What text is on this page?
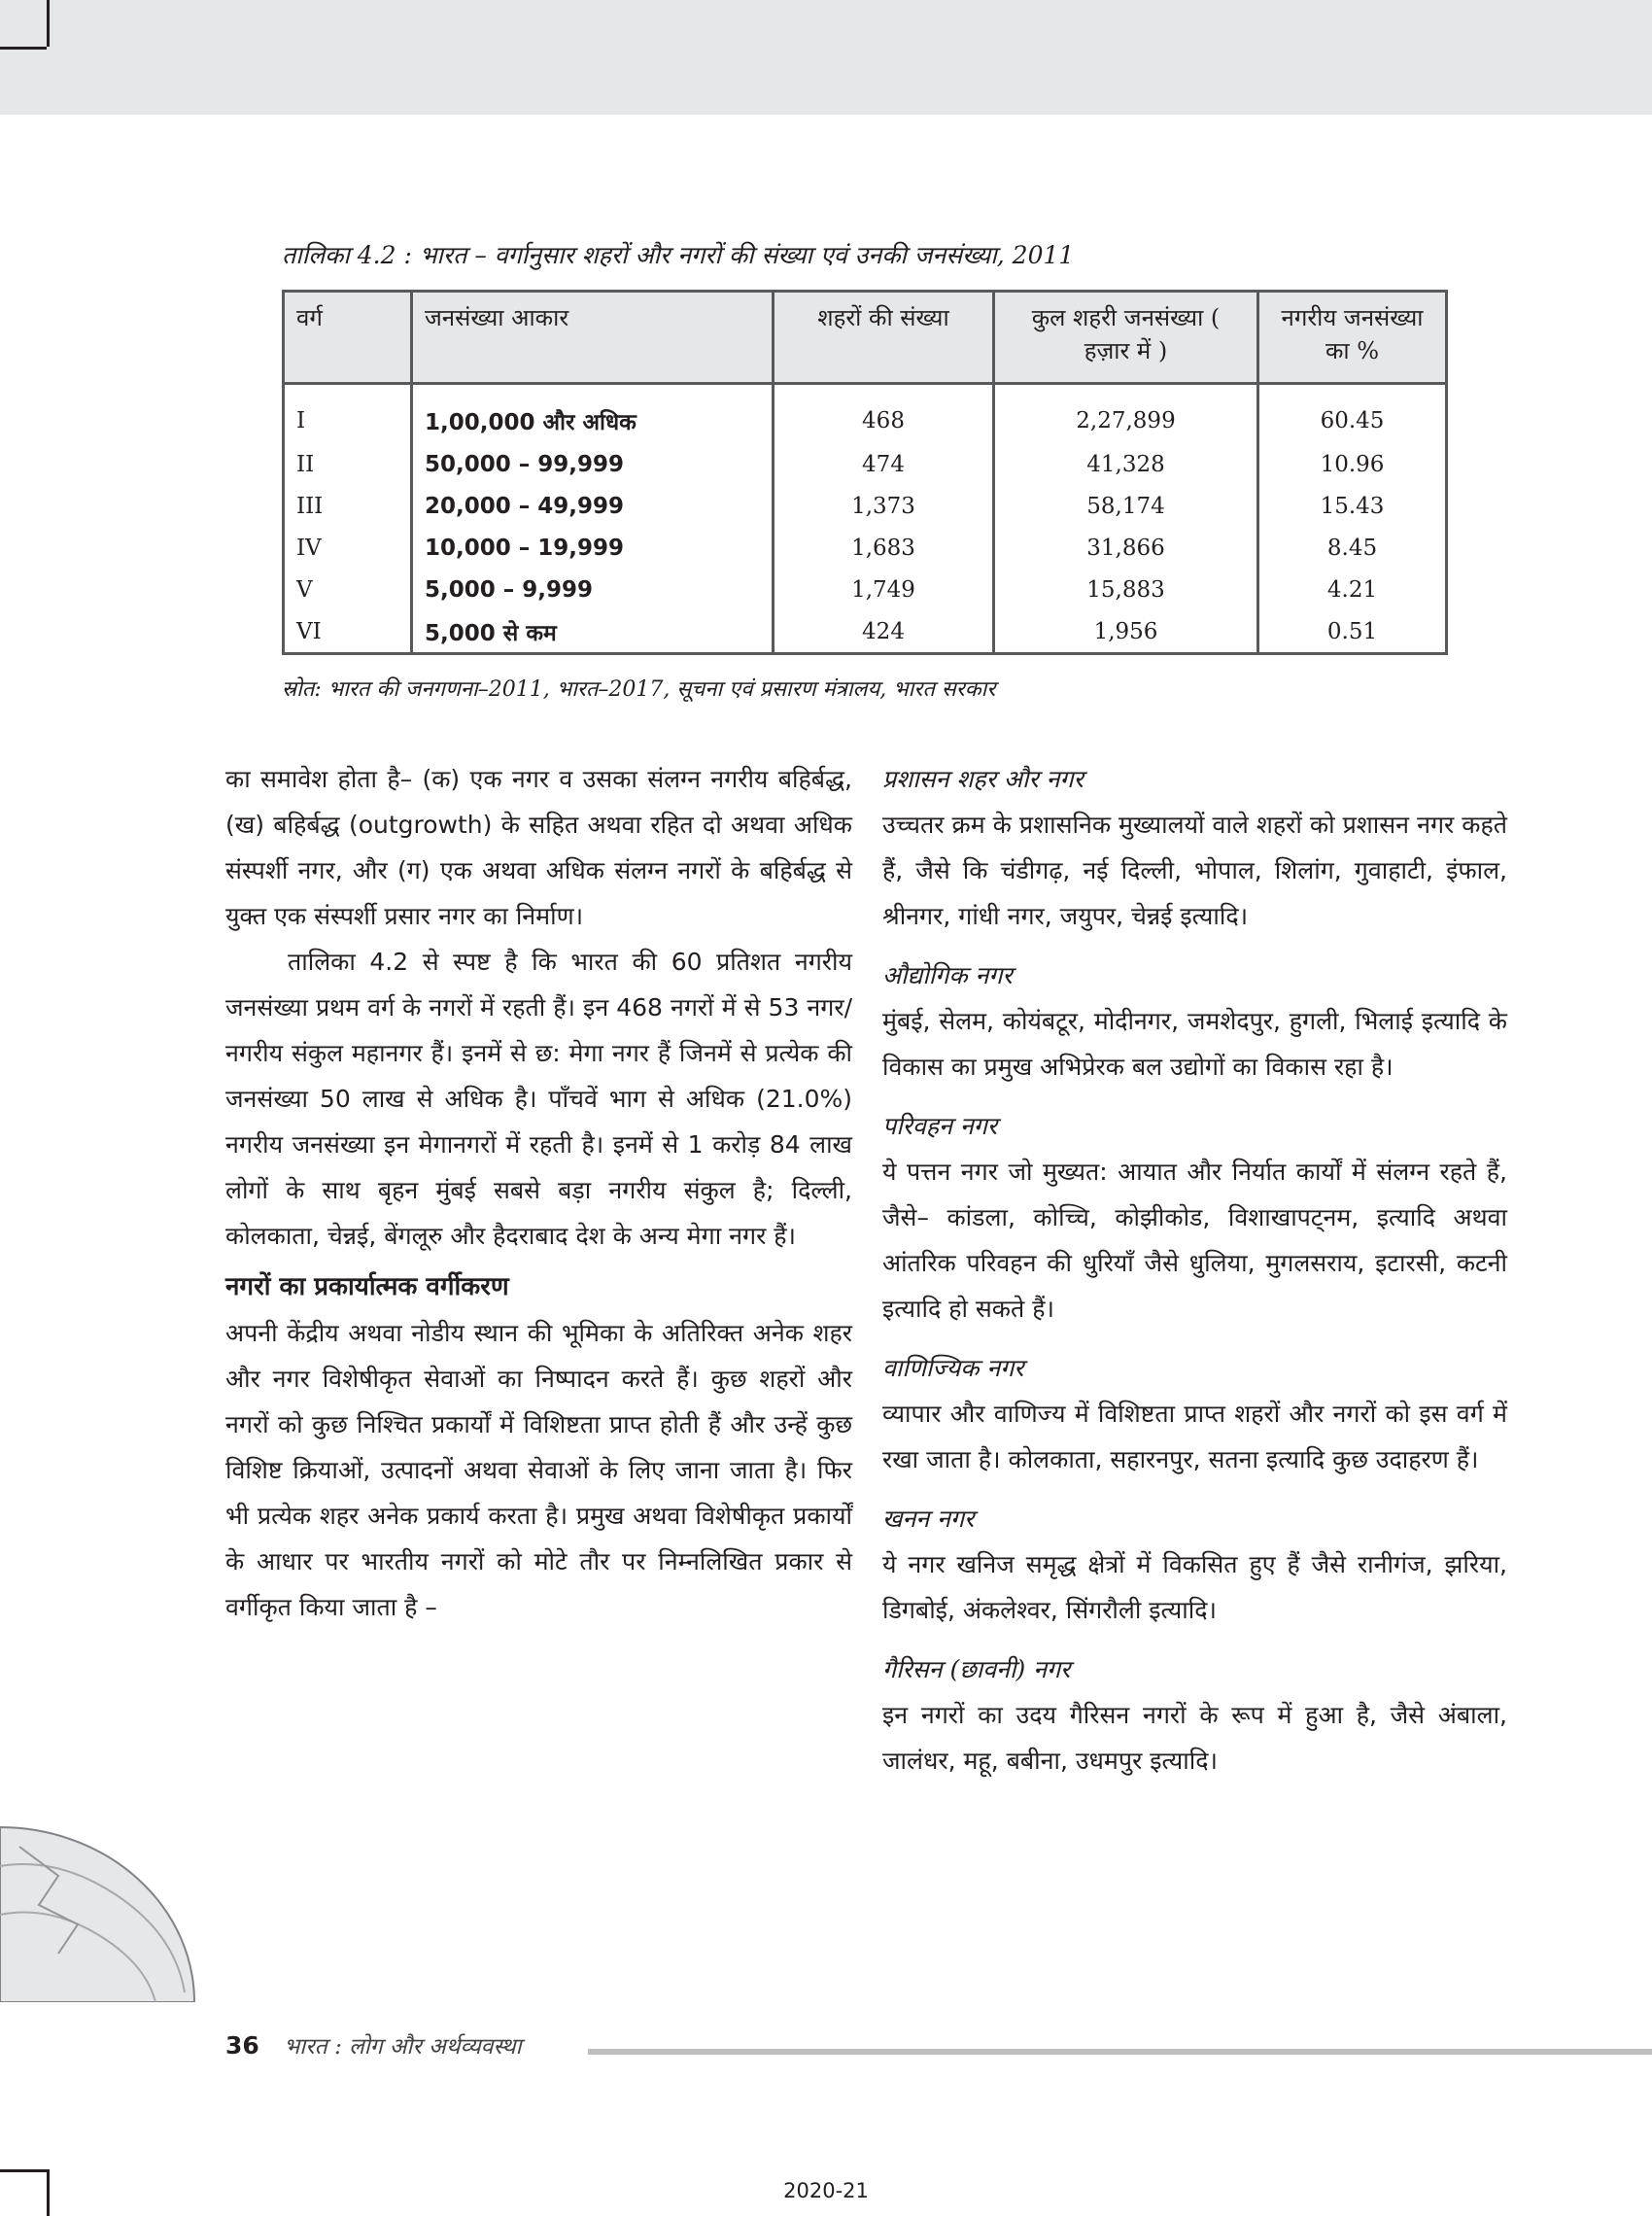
तालिका 4.2 : भारत – वर्गानुसार शहरों और नगरों की संख्या एवं उनकी जनसंख्या, 2011
वर्ग	जनसंख्या आकार	शहरों की संख्या	कुल शहरी जनसंख्या ( हज़ार में )	नगरीय जनसंख्या का %
I	1,00,000 और अधिक	468	2,27,899	60.45
II	50,000 – 99,999	474	41,328	10.96
III	20,000 – 49,999	1,373	58,174	15.43
IV	10,000 – 19,999	1,683	31,866	8.45
V	5,000 – 9,999	1,749	15,883	4.21
VI	5,000 से कम	424	1,956	0.51
स्रोत: भारत की जनगणना–2011, भारत–2017, सूचना एवं प्रसारण मंत्रालय, भारत सरकार

का समावेश होता है– (क) एक नगर व उसका संलग्न नगरीय बहिर्बद्ध, (ख) बहिर्बद्ध (outgrowth) के सहित अथवा रहित दो अथवा अधिक संस्पर्शी नगर, और (ग) एक अथवा अधिक संलग्न नगरों के बहिर्बद्ध से युक्त एक संस्पर्शी प्रसार नगर का निर्माण।

तालिका 4.2 से स्पष्ट है कि भारत की 60 प्रतिशत नगरीय जनसंख्या प्रथम वर्ग के नगरों में रहती हैं। इन 468 नगरों में से 53 नगर/नगरीय संकुल महानगर हैं। इनमें से छ: मेगा नगर हैं जिनमें से प्रत्येक की जनसंख्या 50 लाख से अधिक है। पाँचवें भाग से अधिक (21.0%) नगरीय जनसंख्या इन मेगानगरों में रहती है। इनमें से 1 करोड़ 84 लाख लोगों के साथ बृहन मुंबई सबसे बड़ा नगरीय संकुल है; दिल्ली, कोलकाता, चेन्नई, बेंगलूरु और हैदराबाद देश के अन्य मेगा नगर हैं।

नगरों का प्रकार्यात्मक वर्गीकरण

अपनी केंद्रीय अथवा नोडीय स्थान की भूमिका के अतिरिक्त अनेक शहर और नगर विशेषीकृत सेवाओं का निष्पादन करते हैं। कुछ शहरों और नगरों को कुछ निश्चित प्रकार्यों में विशिष्टता प्राप्त होती हैं और उन्हें कुछ विशिष्ट क्रियाओं, उत्पादनों अथवा सेवाओं के लिए जाना जाता है। फिर भी प्रत्येक शहर अनेक प्रकार्य करता है। प्रमुख अथवा विशेषीकृत प्रकार्यों के आधार पर भारतीय नगरों को मोटे तौर पर निम्नलिखित प्रकार से वर्गीकृत किया जाता है –

प्रशासन शहर और नगर

उच्चतर क्रम के प्रशासनिक मुख्यालयों वाले शहरों को प्रशासन नगर कहते हैं, जैसे कि चंडीगढ़, नई दिल्ली, भोपाल, शिलांग, गुवाहाटी, इंफाल, श्रीनगर, गांधी नगर, जयुपर, चेन्नई इत्यादि।

औद्योगिक नगर

मुंबई, सेलम, कोयंबटूर, मोदीनगर, जमशेदपुर, हुगली, भिलाई इत्यादि के विकास का प्रमुख अभिप्रेरक बल उद्योगों का विकास रहा है।

परिवहन नगर

ये पत्तन नगर जो मुख्यत: आयात और निर्यात कार्यों में संलग्न रहते हैं, जैसे– कांडला, कोच्चि, कोझीकोड, विशाखापट्नम, इत्यादि अथवा आंतरिक परिवहन की धुरियाँ जैसे धुलिया, मुगलसराय, इटारसी, कटनी इत्यादि हो सकते हैं।

वाणिज्यिक नगर

व्यापार और वाणिज्य में विशिष्टता प्राप्त शहरों और नगरों को इस वर्ग में रखा जाता है। कोलकाता, सहारनपुर, सतना इत्यादि कुछ उदाहरण हैं।

खनन नगर

ये नगर खनिज समृद्ध क्षेत्रों में विकसित हुए हैं जैसे रानीगंज, झरिया, डिगबोई, अंकलेश्वर, सिंगरौली इत्यादि।

गैरिसन (छावनी) नगर

इन नगरों का उदय गैरिसन नगरों के रूप में हुआ है, जैसे अंबाला, जालंधर, महू, बबीना, उधमपुर इत्यादि।

36 भारत : लोग और अर्थव्यवस्था
2020-21
